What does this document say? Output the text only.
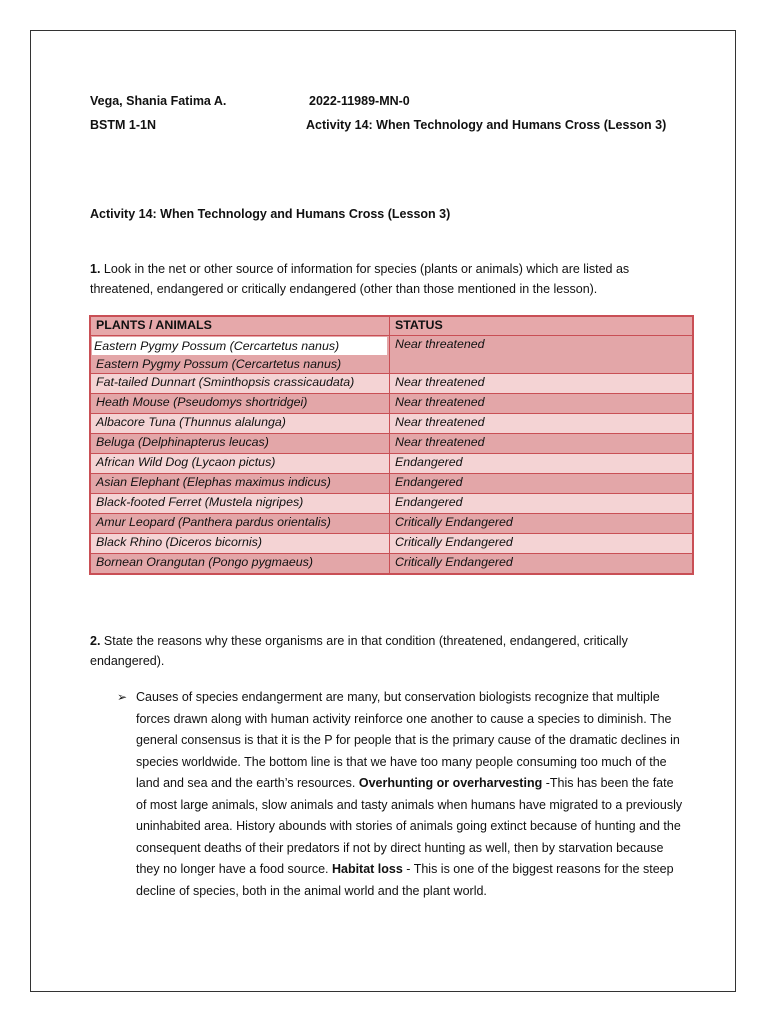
Vega, Shania Fatima A.	2022-11989-MN-0
BSTM 1-1N	Activity 14: When Technology and Humans Cross (Lesson 3)
Activity 14: When Technology and Humans Cross (Lesson 3)
1. Look in the net or other source of information for species (plants or animals) which are listed as threatened, endangered or critically endangered (other than those mentioned in the lesson).
PLANTS / ANIMALS	STATUS

Eastern Pygmy Possum (Cercartetus nanus)
Eastern Pygmy Possum (Cercartetus nanus)	Near threatened
Fat-tailed Dunnart (Sminthopsis crassicaudata)	Near threatened
Heath Mouse (Pseudomys shortridgei)	Near threatened
Albacore Tuna (Thunnus alalunga)	Near threatened
Beluga (Delphinapterus leucas)	Near threatened
African Wild Dog (Lycaon pictus)	Endangered
Asian Elephant (Elephas maximus indicus)	Endangered
Black-footed Ferret (Mustela nigripes)	Endangered
Amur Leopard (Panthera pardus orientalis)	Critically Endangered
Black Rhino (Diceros bicornis)	Critically Endangered
Bornean Orangutan (Pongo pygmaeus)	Critically Endangered
2. State the reasons why these organisms are in that condition (threatened, endangered, critically endangered).
➢ Causes of species endangerment are many, but conservation biologists recognize that multiple forces drawn along with human activity reinforce one another to cause a species to diminish. The general consensus is that it is the P for people that is the primary cause of the dramatic declines in species worldwide. The bottom line is that we have too many people consuming too much of the land and sea and the earth’s resources. Overhunting or overharvesting -This has been the fate of most large animals, slow animals and tasty animals when humans have migrated to a previously uninhabited area. History abounds with stories of animals going extinct because of hunting and the consequent deaths of their predators if not by direct hunting as well, then by starvation because they no longer have a food source. Habitat loss - This is one of the biggest reasons for the steep decline of species, both in the animal world and the plant world.
